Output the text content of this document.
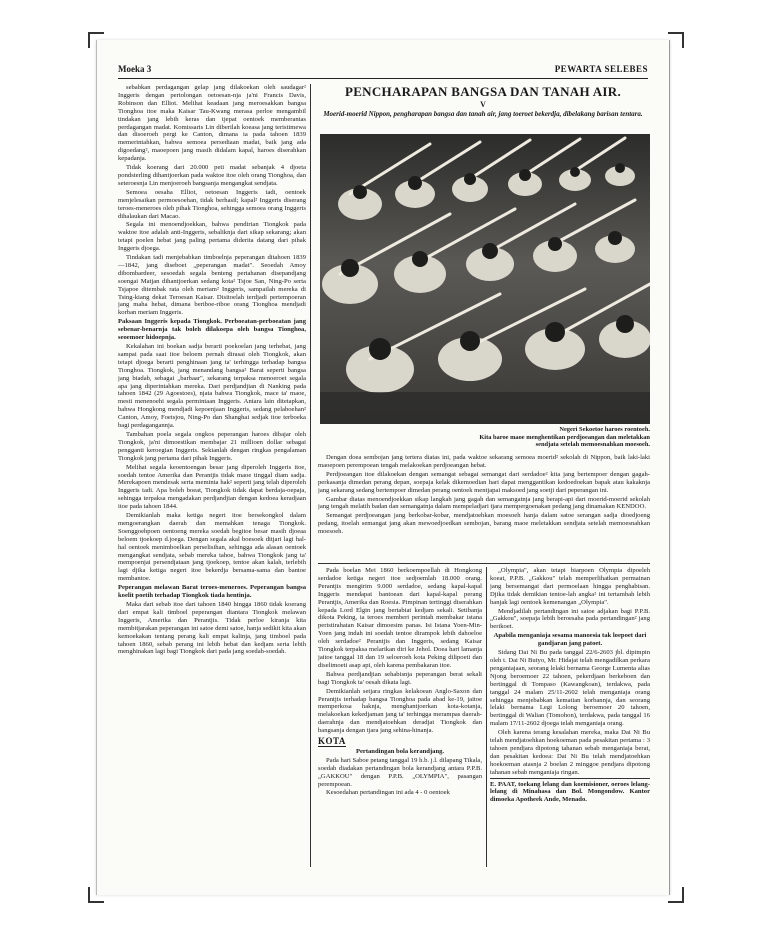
Moeka 3	PEWARTA SELEBES

sebabkan perdagangan gelap jang dilakoekan oleh saudagar² Inggeris dengan pertolongan oetoesan-nja ja'ni Francis Davis, Robinson dan Elliot. Melihat keadaan jang meroesakkan bangsa Tionghoa itoe maka Kaisar Tau-Kwang merasa perloe mengambil tindakan jang lebih keras dan tjepat oentoek memberantas perdagangan madat. Komissaris Lin diberilah koeasa jang teristimewa dan disoeroeh pergi ke Canton, dimana ia pada tahoen 1839 memerintahkan, bahwa semoea persediaan madat, baik jang ada digoedang², maoepoen jang masih didalam kapal, haroes diserahkan kepadanja.

Tidak koerang dari 20.000 peti madat sebanjak 4 djoeta pondsterling dihantjoerkan pada waktoe itoe oleh orang Tionghoa, dan seteroesnja Lin menjoeroeh bangsanja mengangkat sendjata.

Semoea oesaha Elliot, oetoesan Inggeris tadi, oentoek menjelesaikan permoesoehan, tidak berhasil; kapal² Inggeris diserang teroes-meneroes oleh pihak Tionghoa, sehingga semoea orang Inggeris dihalaukan dari Macao.

Segala ini menoendjoekkan, bahwa pendirian Tiongkok pada waktoe itoe adalah anti-Inggeris, sebaliknja dari sikap sekarang; akan tetapi poelen hebat jang paling pertama diderita datang dari pihak Inggeris djoega.

Tindakan tadi menjebabkan timboelnja peperangan ditahoen 1839—1842, jang diseboet „peperangan madat". Seoedah Amoy dibombardeer, sesoedah segala benteng pertahanan disepandjang soengai Matjan dihantjoerkan sedang kota² Tsjoe San, Ning-Po serta Tsjapoe ditembak rata oleh meriam² Inggeris, sampailah mereka di Tsing-kiang dekat Teroesan Kaisar. Disitoelah terdjadi pertempoeran jang maha hebat, dimana beriboe-riboe orang Tionghoa mendjadi korban meriam Inggeris.

Paksaan Inggeris kepada Tiongkok. Perboeatan-perboeatan jang sebenar-benarnja tak boleh dilakoepa oleh bangsa Tionghoa, seoemoer hidoepnja.

Kekalahan ini boekan sadja berarti poekoelan jang terhebat, jang sampai pada saat itoe beloem pernah dirasai oleh Tiongkok, akan tetapi djoega berarti penghinaan jang ta' terhingga terhadap bangsa Tionghoa. Tiongkok, jang menandang bangsa² Barat seperti bangsa jang biadab, sebagai „barbaar", sekarang terpaksa menoeroet segala apa jang diperintahkan mereka. Dari perdjandjian di Nanking pada tahoen 1842 (29 Agoestoes), njata bahwa Tiongkok, mace ta' maoe, mesti menenoehi segala permintaan Inggeris. Antara lain ditetapkan, bahwa Hongkong mendjadi kepoenjaan Inggeris, sedang pelaboehan² Canton, Amoy, Foetsjou, Ning-Po dan Shanghai sedjak itoe terboeka bagi perdagangannja.

Tambahan poela segala ongkos peperangan haroes dibajar oleh Tiongkok, ja'ni dimoestikan membajar 21 millioen dollar sebagai pengganti keroegian Inggeris. Sekianlah dengan ringkas pengalaman Tiongkok jang pertama dari pihak Inggeris.

Melihat segala keoentoengan besar jang diperoleh Inggeris itoe, soedah tentoe Amerika dan Perantjis tidak maoe tinggal diam sadja. Merekapoen mendesak serta meminta hak² seperti jang telah diperoleh Inggeris tadi. Apa boleh boeat, Tiongkok tidak dapat berdaja-oepaja, sehingga terpaksa mengadakan perdjandjian dengan kedoea keradjaan itoe pada tahoen 1844.

Demikianlah maka ketiga negeri itoe bersekongkol dalam mengoerangkan daerah dan memahkan tenaga Tiongkok. Soenggoehpoen oentoeng mereka soedah begitoe besar masih djoeaa beloem tjoekoep d.joega. Dengan segala akal boesoek ditjari lagi hal-hal oentoek menimboelkan perselisihan, sehingga ada alasan oentoek mengangkat sendjata, sebab mereka tahoe, bahwa Tiongkok jang ta' mempoenjai persendjataan jang tjoekoep, tentoe akan kalah, terlebih lagi djika ketiga negeri itoe bekerdja bersama-sama dan bantoe membantoe.

Peperangan melawan Barat teroes-meneroes. Peperangan bangsa koelit poetih terhadap Tiongkok tiada hentinja.

Maka dari sebab itoe dari tahoen 1840 hingga 1860 tidak koerang dari empat kali timboel peperangan diantara Tiongkok melawan Inggeris, Amerika dan Perantjis. Tidak perloe kiranja kita membitjarakan peperangan ini satoe demi satoe, hanja sedikit kita akan kemoekakan tentang perang kali empat kalinja, jang timboel pada tahoen 1860, sebab perang ini lebih hebat dan kedjam serta lebih menghinakan lagi bagi Tiongkok dari pada jang soedah-soedah.

PENCHARAPAN BANGSA DAN TANAH AIR.
V
Moerid-moerid Nippon, pengharapan bangsa dan tanah air, jang toeroet bekerdja, dibelakang barisan tentara.
Negeri Sekoetoe haroes roentoeh.
Kita baroe maoe menghentikan perdjoeangan dan meletakkan
sendjata setelah memoesnahkan moesoeh.

Dengan doea sembojan jang tertera diatas ini, pada waktoe sekarang semoea moerid² sekolah di Nippon, baik laki-laki maoepoen perempoean tengah melakoekan perdjoeangan hebat.

Perdjoeangan itoe dilakoekan dengan semangat sebagai semangat dari serdadoe² kita jang bertempoer dengan gagah-perkasanja dimedan perang depan, soepaja kelak dikemoedian hari dapat menggantikan kedoedoekan bapak atau kakaknja jang sekarang sedang bertempoer dimedan perang oentoek mentjapai maksoed jang soetji dari peperangan ini.

Gambar diatas menoendjoekkan sikap langkah jang gagah dan semangatnja jang berapi-api dari moerid-moerid sekolah jang tengah melatih badan dan semangatnja dalam mempeladjari tjara mempergoenakan pedang jang dinamakan KENDOO.

Semangat perdjoeangan jang berkobar-kobar, mendjatoehkan moesoeh hanja dalam satoe serangan sadja dioedjoeng pedang, itoelah semangat jang akan mewoedjoedkan sembojan, barang maoe meletakkan sendjata setelah memoesnahkan moesoeh.

Pada boelan Mei 1860 berkoempoellah di Hongkong serdadoe ketiga negeri itoe sedjoemlah 18.000 orang. Perantjis mengirim 9.000 serdadoe, sedang kapal-kapal Inggeris mendapat bantoean dari kapal-kapal perang Perantjis, Amerika dan Roesia. Pimpinan tertinggi diserahkan kepada Lord Elgin jang bertabiat kedjam sekali. Setibanja dikota Peking, ia teroes memberi perintah membakar istana peristirahatan Kaisar dimoesim panas. Isi Istana Yoen-Min-Yoen jang indah ini soedah tentoe dirampok lebih dahoeloe oleh serdadoe² Perantjis dan Inggeris, sedang Kaisar Tiongkok terpaksa melarikan diri ke Jehol. Doea hari lamanja jaitoe tanggal 18 dan 19 seloeroeh kota Peking dilipoeti dan diselimoeti asap api, oleh karena pembakaran itoe.

Bahwa perdjandjian sehabisnja peperangan berat sekali bagi Tiongkok ta' oesah dikata lagi.

Demikianlah setjara ringkas kelakoean Anglo-Saxon dan Perantjis terhadap bangsa Tionghoa pada abad ke-19, jaitoe memperkosa haknja, menghantjoerkan kota-kotanja, melakoekan kekedjaman jang ta' terhingga merampas daerah-daerahnja dan mendjatoehkan deradjat Tiongkok dan bangsanja dengan tjara jang sehina-hinanja.

KOTA

Pertandingan bola kerandjang.

Pada hari Saboe petang tanggal 19 h.b. j.l. dilapang Tikala, soedah diadakan pertandingan bola kerandjang antara P.P.B. „GAKKOU" dengan P.P.B. „OLYMPIA", pasangan perempoean.

Kesoedahan pertandingan ini ada 4 - 0 oentoek

„Olympia", akan tetapi biarpoen Olympia dipoeleh koeat, P.P.B. „Gakkou" telah memperlihatkan permainan jang bersemangat dari permoelaan hingga penghabisan. Djika tidak demikian tentoe-lah angka² ini tertambah lebih banjak lagi oentoek kemenangan „Olympia".

Mendjadilah pertandingan ini satoe adjakan bagi P.P.B. „Gakkou", soepaja lebih beroesaha pada pertandingan² jang berikoet.

Apabila menganiaja sesama manoesia tak loepoet dari gandjaran jang patoet.

Sidang Dai Ni Bu pada tanggal 22/6-2603 jbl. dipimpin oleh t. Dai Ni Butyo, Mr. Hidajat telah mengadilkan perkara penganiajaan, seorang lelaki bernama George Lumenta alias Njong beroemoer 22 tahoen, pekerdjaan berkeboen dan bertinggal di Tompaso (Kawangkoan), terdakwa, pada tanggal 24 malam 25/11-2602 telah menganiaja orang sehingga menjebabkan kematian korbannja, dan seorang lelaki bernama Legi Lolong beroemoer 20 tahoen, bertinggal di Walian (Tomohon), terdakwa, pada tanggal 16 malam 17/11-2602 djoega telah menganiaja orang.

Oleh karena terang kesalahan mereka, maka Dai Ni Bu telah mendjatoehkan hoekoeman pada pesakitan pertama : 3 tahoen pendjara dipotong tahanan sebab menganiaja berat, dan pesakitan kedoea: Dai Ni Bu telah mendjatoehkan hoekoeman atasnja 2 boelan 2 minggoe pendjara dipotong tahanan sebab menganiaja ringan.

E. PAAT, toekang lelang dan koemisioner, oeroes lelang-lelang di Minahasa dan Bol. Mongondow. Kantor dimoeka Apotheek Ande, Menado.
